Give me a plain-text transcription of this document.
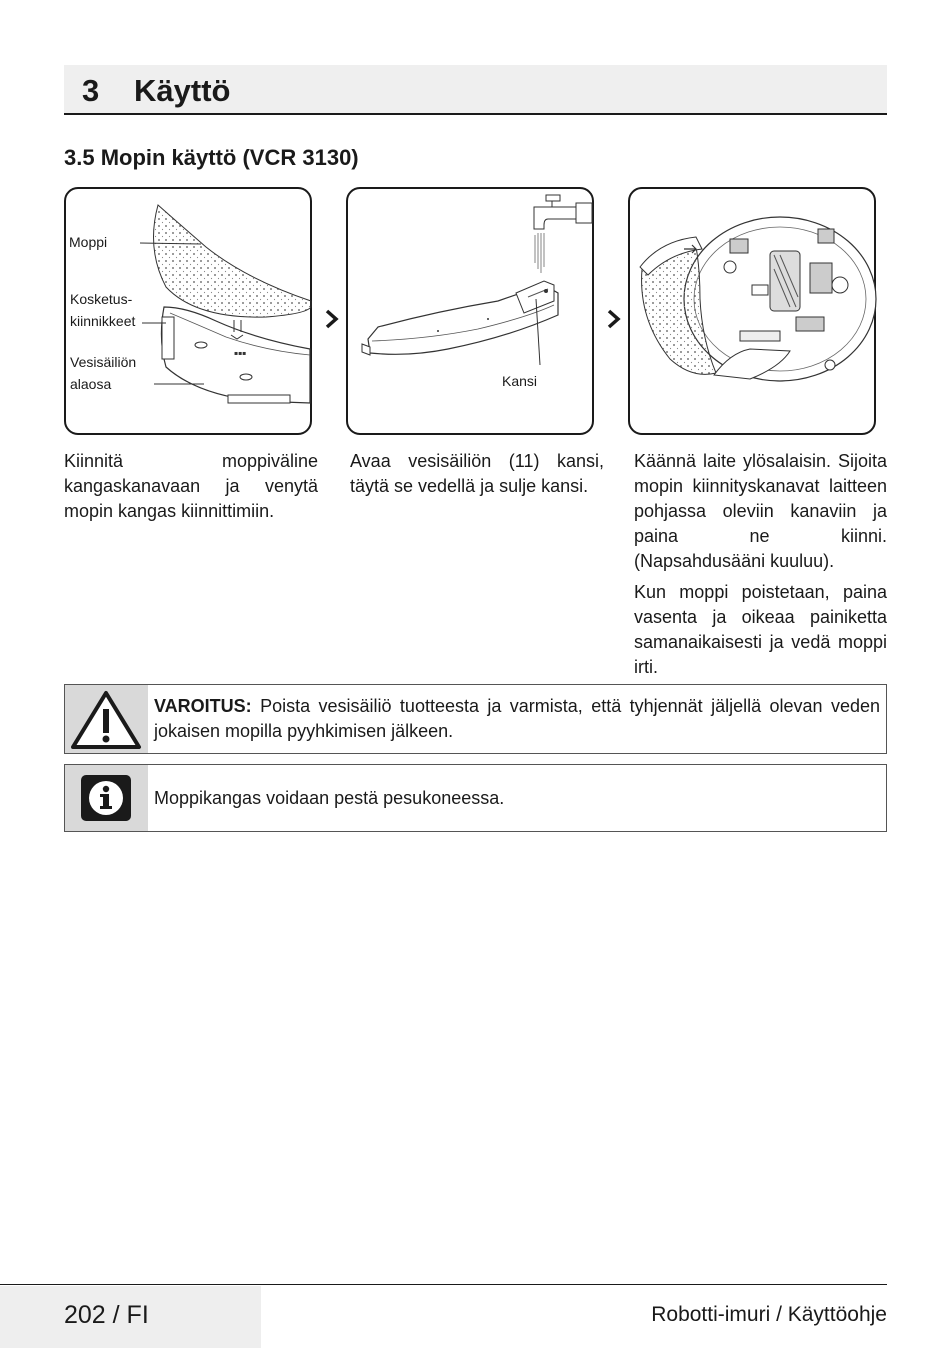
3 Käyttö
3.5 Mopin käyttö (VCR 3130)
▪▪▪
Moppi
Kosketus-
kiinnikkeet
Vesisäiliön
alaosa	Kansi

Kiinnitä moppiväline kangaskanavaan ja venytä mopin kangas kiinnittimiin.

Avaa vesisäiliön (11) kansi, täytä se vedellä ja sulje kansi.

Käännä laite ylösalaisin. Sijoita mopin kiinnityskanavat laitteen pohjassa oleviin kanaviin ja paina ne kiinni. (Napsahdusääni kuuluu).

Kun moppi poistetaan, paina vasenta ja oikeaa painiketta samanaikaisesti ja vedä moppi irti.

VAROITUS: Poista vesisäiliö tuotteesta ja varmista, että tyhjennät jäljellä olevan veden jokaisen mopilla pyyhkimisen jälkeen.
Moppikangas voidaan pestä pesukoneessa.
202 / FI	Robotti-imuri / Käyttöohje
